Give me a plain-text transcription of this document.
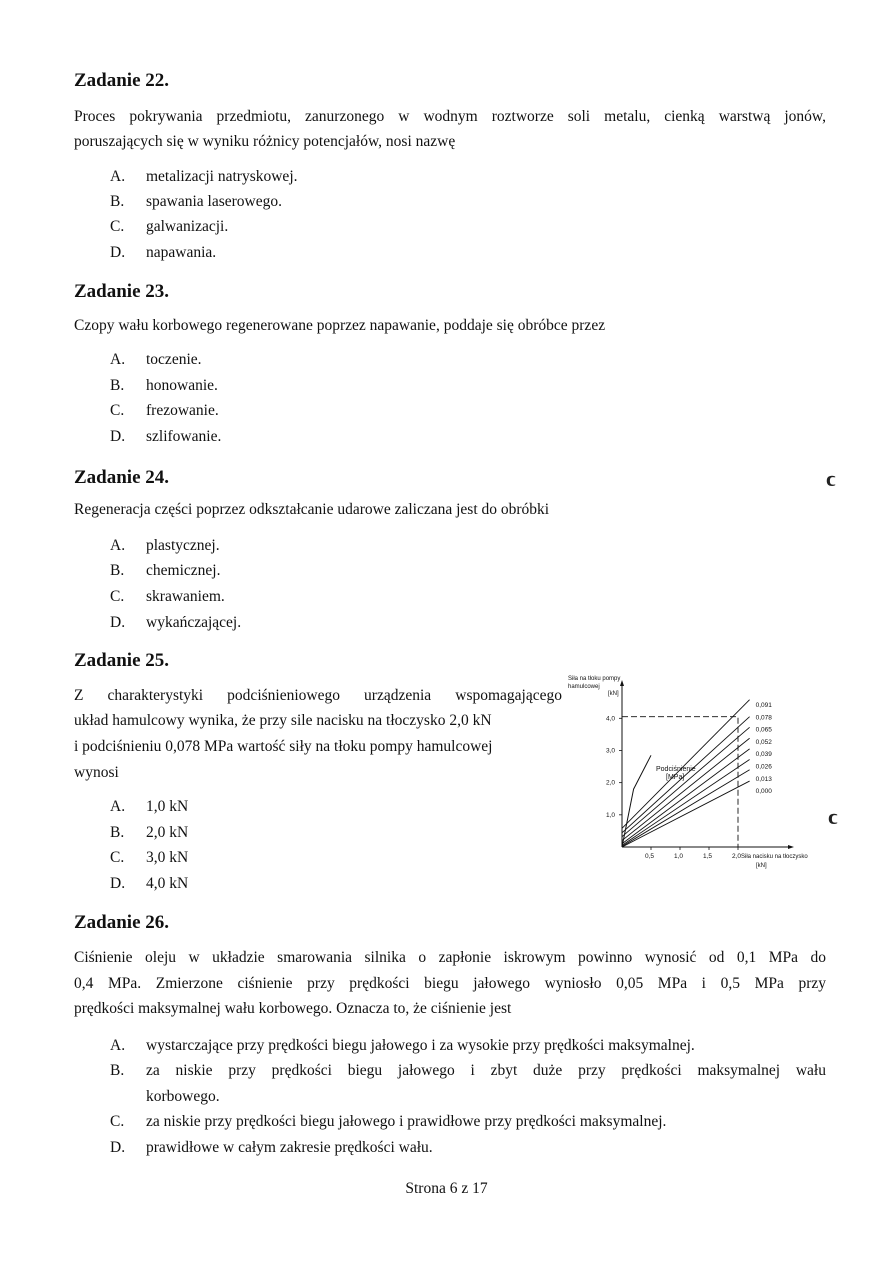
Zadanie 22.
Proces pokrywania przedmiotu, zanurzonego w wodnym roztworze soli metalu, cienką warstwą jonów,
poruszających się w wyniku różnicy potencjałów, nosi nazwę
A. metalizacji natryskowej.
B. spawania laserowego.
C. galwanizacji.
D. napawania.
Zadanie 23.
Czopy wału korbowego regenerowane poprzez napawanie, poddaje się obróbce przez
A. toczenie.
B. honowanie.
C. frezowanie.
D. szlifowanie.
Zadanie 24.
Regeneracja części poprzez odkształcanie udarowe zaliczana jest do obróbki
A. plastycznej.
B. chemicznej.
C. skrawaniem.
D. wykańczającej.
Zadanie 25.
Z charakterystyki podciśnieniowego urządzenia wspomagającego
układ hamulcowy wynika, że przy sile nacisku na tłoczysko 2,0 kN
i podciśnieniu 0,078 MPa wartość siły na tłoku pompy hamulcowej
wynosi
A. 1,0 kN
B. 2,0 kN
C. 3,0 kN
D. 4,0 kN
Siła na tłoku pompy
hamulcowej
[kN]
Siła nacisku na tłoczysko
[kN]
Podciśnienie
[MPa]
1,0
2,0
3,0
4,0
0,5	1,0	1,5	2,0
0,091
0,078
0,065
0,052
0,039
0,026
0,013
0,000
Zadanie 26.
Ciśnienie oleju w układzie smarowania silnika o zapłonie iskrowym powinno wynosić od 0,1 MPa do
0,4 MPa. Zmierzone ciśnienie przy prędkości biegu jałowego wyniosło 0,05 MPa i 0,5 MPa przy
prędkości maksymalnej wału korbowego. Oznacza to, że ciśnienie jest
A. wystarczające przy prędkości biegu jałowego i za wysokie przy prędkości maksymalnej.
B. za niskie przy prędkości biegu jałowego i zbyt duże przy prędkości maksymalnej wału
korbowego.
C. za niskie przy prędkości biegu jałowego i prawidłowe przy prędkości maksymalnej.
D. prawidłowe w całym zakresie prędkości wału.
ϲ
ϲ
Strona 6 z 17
